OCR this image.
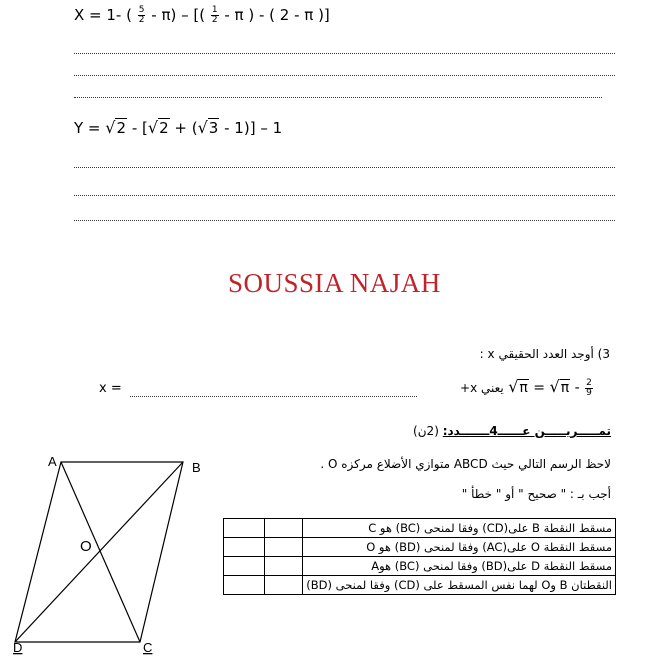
X = 1- ( $\frac{5}{2} - \pi$) – [( $\frac{1}{2}$ - π ) - ( 2 - π )]
Y = √2 - [√2 + (√3 - 1)] – 1
SOUSSIA NAJAH
3) أوجد العدد الحقيقي x :
x =	يعني $x+ √\pi = √\pi - \frac{2}{9}$
تمـــــريـــــن عــــــ4ـــــــدد: (2ن)
لاحظ الرسم التالي حيث ABCD متوازي الأضلاع مركزه O .
أجب بـ : " صحيح " أو " خطأ "
		مسقط النقطة B على(CD) وفقا لمنحى (BC) هو C
		مسقط النقطة O على(AC) وفقا لمنحى (BD) هو O
		مسقط النقطة D على(BD) وفقا لمنحى (BC) هوA
		النقطتان B وO لهما نفس المسقط على (CD) وفقا لمنحى (BD)
A	B
C
D
O
